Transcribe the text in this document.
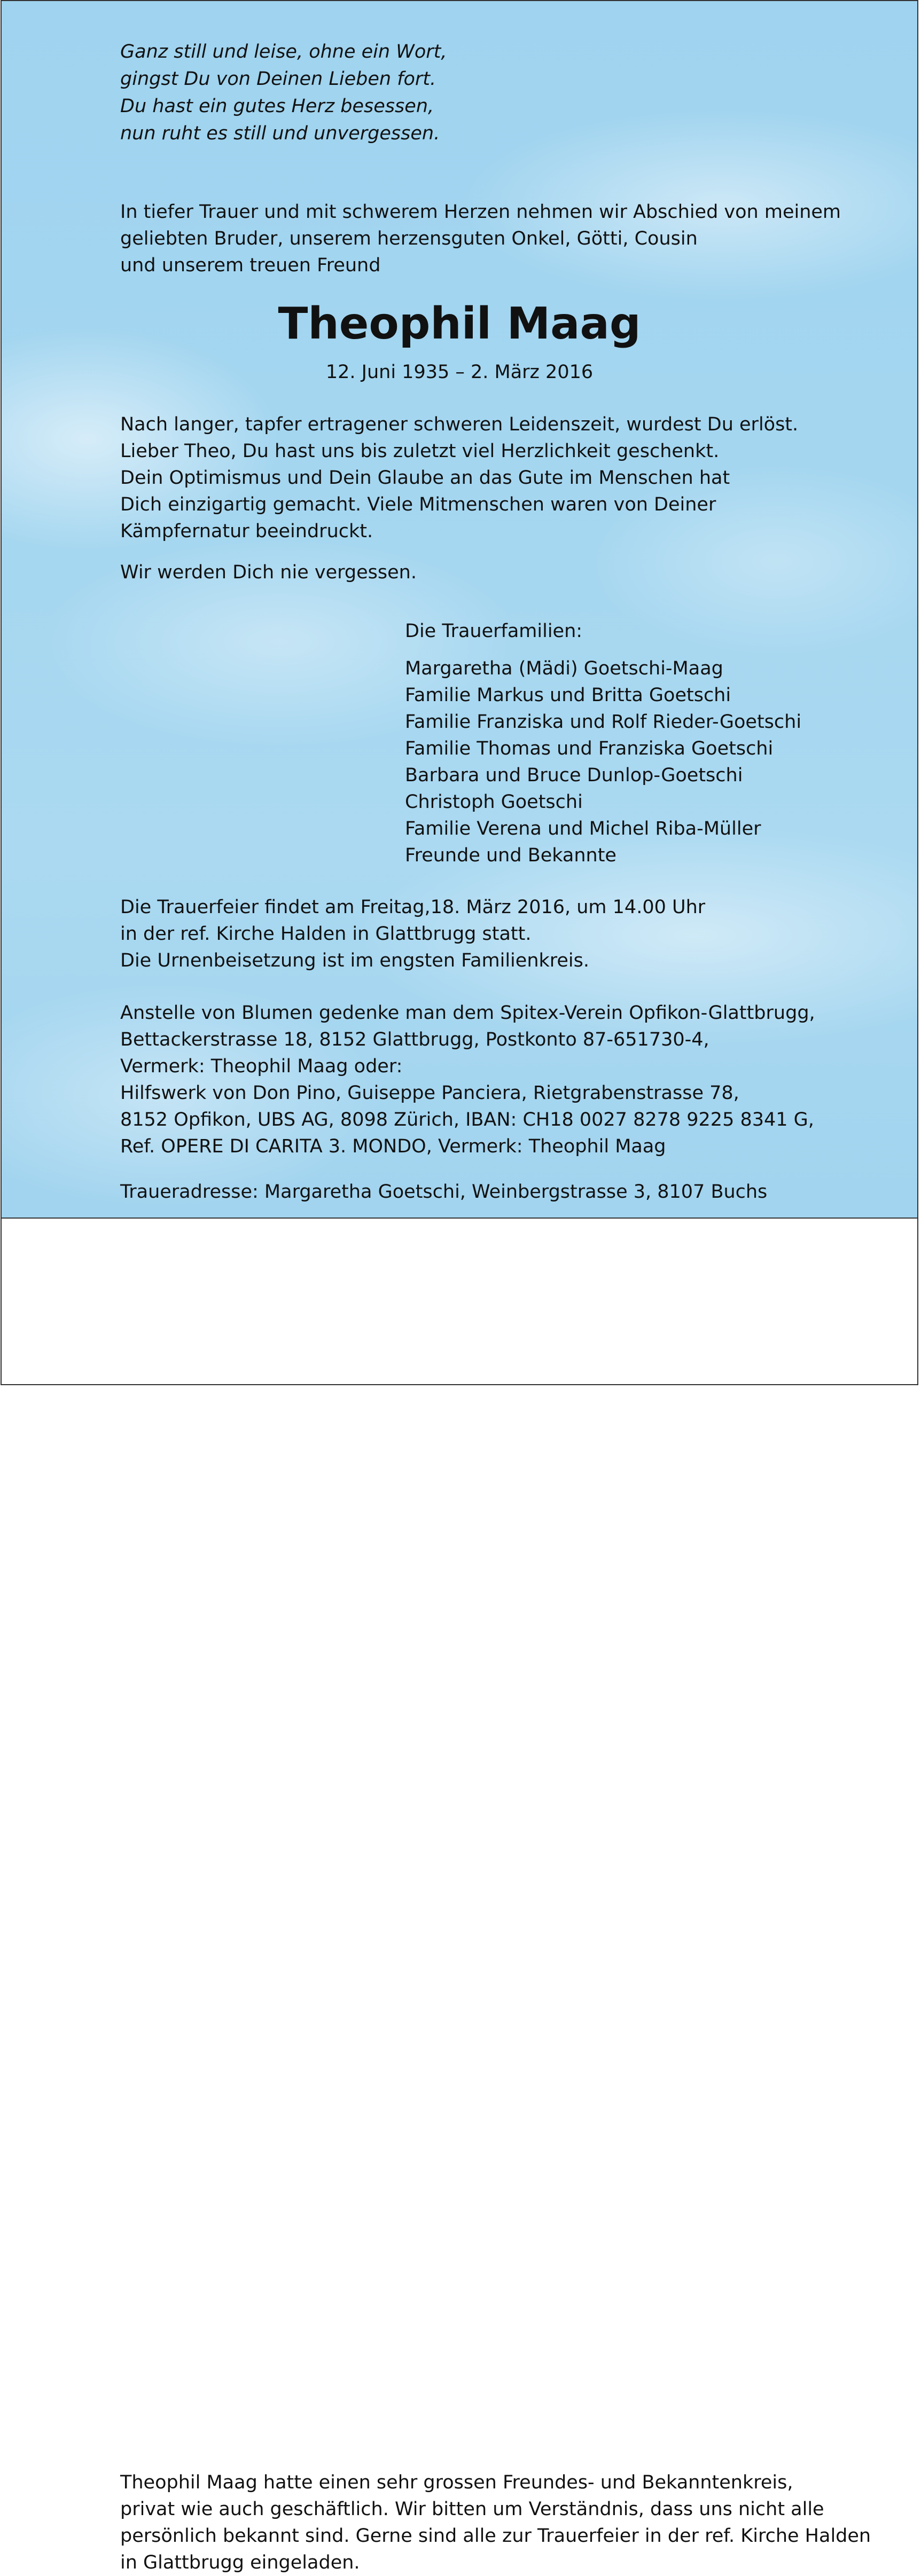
Ganz still und leise, ohne ein Wort,
gingst Du von Deinen Lieben fort.
Du hast ein gutes Herz besessen,
nun ruht es still und unvergessen.

In tiefer Trauer und mit schwerem Herzen nehmen wir Abschied von meinem
geliebten Bruder, unserem herzensguten Onkel, Götti, Cousin
und unserem treuen Freund

Theophil Maag

12. Juni 1935 – 2. März 2016

Nach langer, tapfer ertragener schweren Leidenszeit, wurdest Du erlöst.
Lieber Theo, Du hast uns bis zuletzt viel Herzlichkeit geschenkt.
Dein Optimismus und Dein Glaube an das Gute im Menschen hat
Dich einzigartig gemacht. Viele Mitmenschen waren von Deiner
Kämpfernatur beeindruckt.

Wir werden Dich nie vergessen.

Die Trauerfamilien:
Margaretha (Mädi) Goetschi-Maag
Familie Markus und Britta Goetschi
Familie Franziska und Rolf Rieder-Goetschi
Familie Thomas und Franziska Goetschi
Barbara und Bruce Dunlop-Goetschi
Christoph Goetschi
Familie Verena und Michel Riba-Müller
Freunde und Bekannte

Die Trauerfeier findet am Freitag,18. März 2016, um 14.00 Uhr
in der ref. Kirche Halden in Glattbrugg statt.
Die Urnenbeisetzung ist im engsten Familienkreis.

Anstelle von Blumen gedenke man dem Spitex-Verein Opfikon-Glattbrugg,
Bettackerstrasse 18, 8152 Glattbrugg, Postkonto 87-651730-4,
Vermerk: Theophil Maag oder:
Hilfswerk von Don Pino, Guiseppe Panciera, Rietgrabenstrasse 78,
8152 Opfikon, UBS AG, 8098 Zürich, IBAN: CH18 0027 8278 9225 8341 G,
Ref. OPERE DI CARITA 3. MONDO, Vermerk: Theophil Maag

Traueradresse: Margaretha Goetschi, Weinbergstrasse 3, 8107 Buchs

Theophil Maag hatte einen sehr grossen Freundes- und Bekanntenkreis,
privat wie auch geschäftlich. Wir bitten um Verständnis, dass uns nicht alle
persönlich bekannt sind. Gerne sind alle zur Trauerfeier in der ref. Kirche Halden
in Glattbrugg eingeladen.
